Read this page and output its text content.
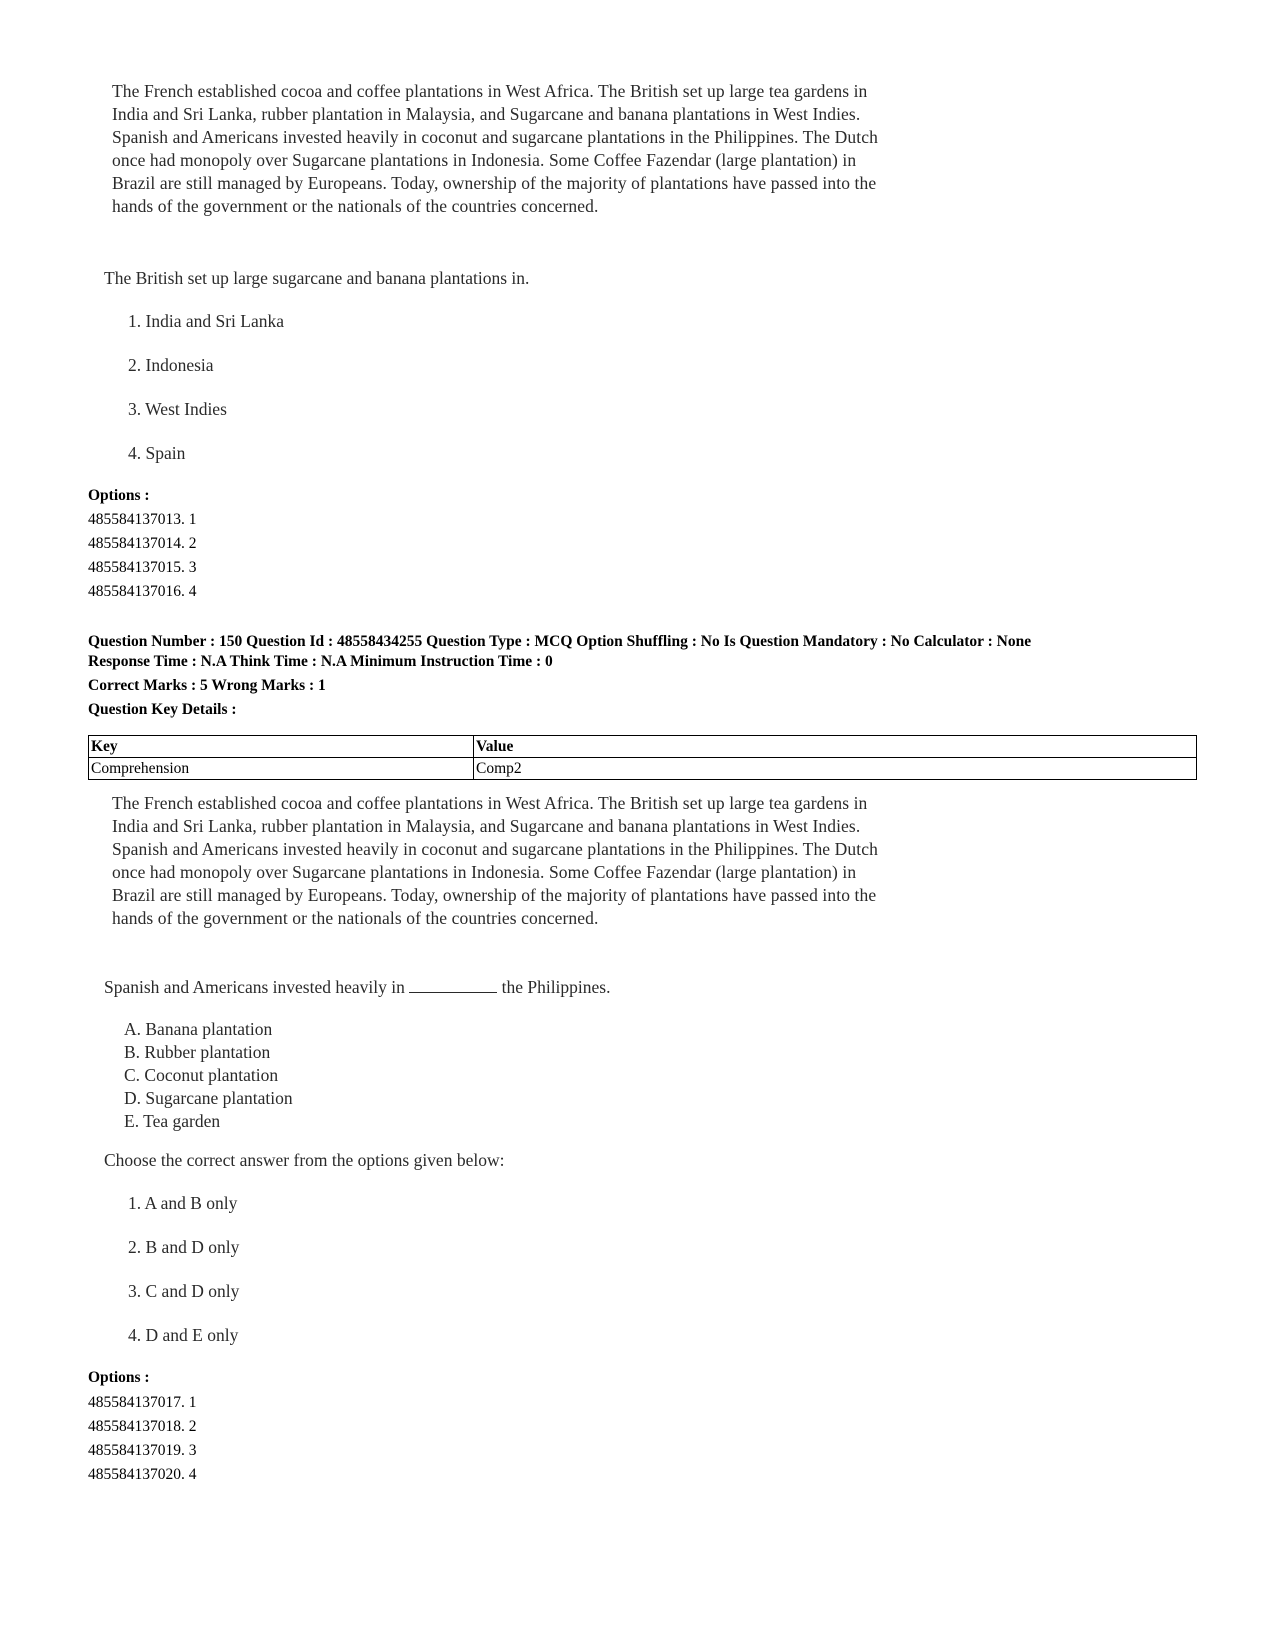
The French established cocoa and coffee plantations in West Africa. The British set up large tea gardens in
India and Sri Lanka, rubber plantation in Malaysia, and Sugarcane and banana plantations in West Indies.
Spanish and Americans invested heavily in coconut and sugarcane plantations in the Philippines. The Dutch
once had monopoly over Sugarcane plantations in Indonesia. Some Coffee Fazendar (large plantation) in
Brazil are still managed by Europeans. Today, ownership of the majority of plantations have passed into the
hands of the government or the nationals of the countries concerned.
The British set up large sugarcane and banana plantations in.
1. India and Sri Lanka
2. Indonesia
3. West Indies
4. Spain
Options :
485584137013. 1
485584137014. 2
485584137015. 3
485584137016. 4
Question Number : 150 Question Id : 48558434255 Question Type : MCQ Option Shuffling : No Is Question Mandatory : No Calculator : None
Response Time : N.A Think Time : N.A Minimum Instruction Time : 0
Correct Marks : 5 Wrong Marks : 1
Question Key Details :
Key	Value
Comprehension	Comp2
The French established cocoa and coffee plantations in West Africa. The British set up large tea gardens in
India and Sri Lanka, rubber plantation in Malaysia, and Sugarcane and banana plantations in West Indies.
Spanish and Americans invested heavily in coconut and sugarcane plantations in the Philippines. The Dutch
once had monopoly over Sugarcane plantations in Indonesia. Some Coffee Fazendar (large plantation) in
Brazil are still managed by Europeans. Today, ownership of the majority of plantations have passed into the
hands of the government or the nationals of the countries concerned.
Spanish and Americans invested heavily in	the Philippines.
A. Banana plantation
B. Rubber plantation
C. Coconut plantation
D. Sugarcane plantation
E. Tea garden
Choose the correct answer from the options given below:
1. A and B only
2. B and D only
3. C and D only
4. D and E only
Options :
485584137017. 1
485584137018. 2
485584137019. 3
485584137020. 4
